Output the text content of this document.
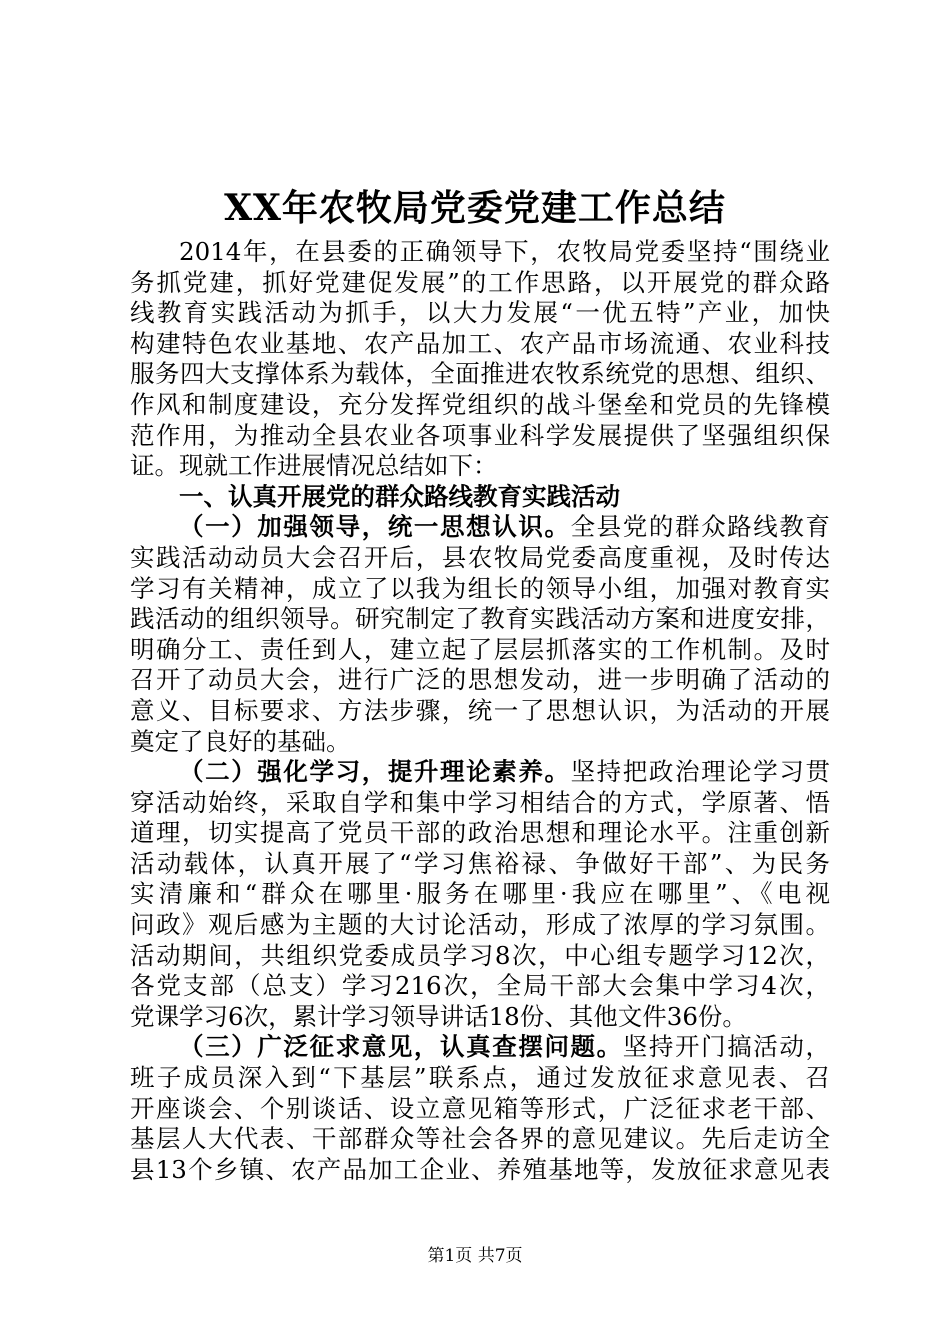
XX年农牧局党委党建工作总结
2014年，在县委的正确领导下，农牧局党委坚持“围绕业
务抓党建，抓好党建促发展”的工作思路，以开展党的群众路
线教育实践活动为抓手，以大力发展“一优五特”产业，加快
构建特色农业基地、农产品加工、农产品市场流通、农业科技
服务四大支撑体系为载体，全面推进农牧系统党的思想、组织、
作风和制度建设，充分发挥党组织的战斗堡垒和党员的先锋模
范作用，为推动全县农业各项事业科学发展提供了坚强组织保
证。现就工作进展情况总结如下：
一、认真开展党的群众路线教育实践活动
（一）加强领导，统一思想认识。全县党的群众路线教育
实践活动动员大会召开后，县农牧局党委高度重视，及时传达
学习有关精神，成立了以我为组长的领导小组，加强对教育实
践活动的组织领导。研究制定了教育实践活动方案和进度安排，
明确分工、责任到人，建立起了层层抓落实的工作机制。及时
召开了动员大会，进行广泛的思想发动，进一步明确了活动的
意义、目标要求、方法步骤，统一了思想认识，为活动的开展
奠定了良好的基础。
（二）强化学习，提升理论素养。坚持把政治理论学习贯
穿活动始终，采取自学和集中学习相结合的方式，学原著、悟
道理，切实提高了党员干部的政治思想和理论水平。注重创新
活动载体，认真开展了“学习焦裕禄、争做好干部”、为民务
实清廉和“群众在哪里·服务在哪里·我应在哪里”、《电视
问政》观后感为主题的大讨论活动，形成了浓厚的学习氛围。
活动期间，共组织党委成员学习8次，中心组专题学习12次，
各党支部（总支）学习216次，全局干部大会集中学习4次，
党课学习6次，累计学习领导讲话18份、其他文件36份。
（三）广泛征求意见，认真查摆问题。坚持开门搞活动，
班子成员深入到“下基层”联系点，通过发放征求意见表、召
开座谈会、个别谈话、设立意见箱等形式，广泛征求老干部、
基层人大代表、干部群众等社会各界的意见建议。先后走访全
县13个乡镇、农产品加工企业、养殖基地等，发放征求意见表
第1页 共7页
